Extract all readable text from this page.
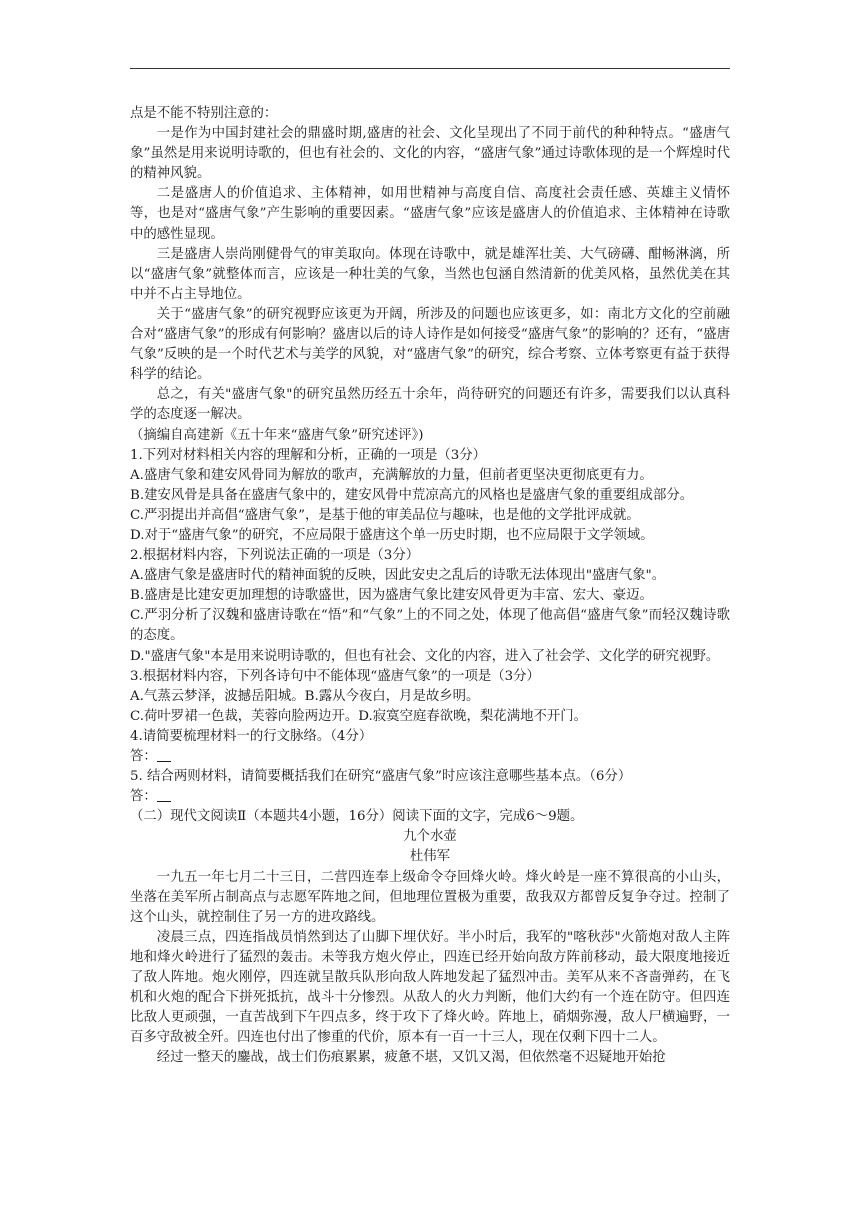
点是不能不特别注意的：

一是作为中国封建社会的鼎盛时期,盛唐的社会、文化呈现出了不同于前代的种种特点。“盛唐气象”虽然是用来说明诗歌的，但也有社会的、文化的内容，“盛唐气象”通过诗歌体现的是一个辉煌时代的精神风貌。

二是盛唐人的价值追求、主体精神，如用世精神与高度自信、高度社会责任感、英雄主义情怀等，也是对“盛唐气象”产生影响的重要因素。“盛唐气象”应该是盛唐人的价值追求、主体精神在诗歌中的感性显现。

三是盛唐人崇尚刚健骨气的审美取向。体现在诗歌中，就是雄浑壮美、大气磅礴、酣畅淋漓，所以“盛唐气象”就整体而言，应该是一种壮美的气象，当然也包涵自然清新的优美风格，虽然优美在其中并不占主导地位。

关于“盛唐气象”的研究视野应该更为开阔，所涉及的问题也应该更多，如：南北方文化的空前融合对“盛唐气象”的形成有何影响？盛唐以后的诗人诗作是如何接受“盛唐气象”的影响的？还有，“盛唐气象”反映的是一个时代艺术与美学的风貌，对“盛唐气象”的研究，综合考察、立体考察更有益于获得科学的结论。

总之，有关"盛唐气象"的研究虽然历经五十余年，尚待研究的问题还有许多，需要我们以认真科学的态度逐一解决。

（摘编自高建新《五十年来“盛唐气象”研究述评》)

1.下列对材料相关内容的理解和分析，正确的一项是（3分）

A.盛唐气象和建安风骨同为解放的歌声，充满解放的力量，但前者更坚决更彻底更有力。

B.建安风骨是具备在盛唐气象中的，建安风骨中荒凉高亢的风格也是盛唐气象的重要组成部分。

C.严羽提出并高倡“盛唐气象”，是基于他的审美品位与趣味，也是他的文学批评成就。

D.对于“盛唐气象”的研究，不应局限于盛唐这个单一历史时期，也不应局限于文学领域。

2.根据材料内容，下列说法正确的一项是（3分）

A.盛唐气象是盛唐时代的精神面貌的反映，因此安史之乱后的诗歌无法体现出"盛唐气象"。

B.盛唐是比建安更加理想的诗歌盛世，因为盛唐气象比建安风骨更为丰富、宏大、豪迈。

C.严羽分析了汉魏和盛唐诗歌在“悟”和“气象”上的不同之处，体现了他高倡“盛唐气象”而轻汉魏诗歌的态度。

D."盛唐气象"本是用来说明诗歌的，但也有社会、文化的内容，进入了社会学、文化学的研究视野。

3.根据材料内容，下列各诗句中不能体现“盛唐气象”的一项是（3分）

A.气蒸云梦泽，波撼岳阳城。B.露从今夜白，月是故乡明。

C.荷叶罗裙一色裁，芙蓉向脸两边开。D.寂寞空庭春欲晚，梨花满地不开门。

4.请简要梳理材料一的行文脉络。（4分）

答：

5. 结合两则材料，请简要概括我们在研究“盛唐气象”时应该注意哪些基本点。（6分）

答：

（二）现代文阅读Ⅱ（本题共4小题，16分）阅读下面的文字，完成6～9题。

九个水壶

杜伟军

一九五一年七月二十三日，二营四连奉上级命令夺回烽火岭。烽火岭是一座不算很高的小山头，坐落在美军所占制高点与志愿军阵地之间，但地理位置极为重要，敌我双方都曾反复争夺过。控制了这个山头，就控制住了另一方的进攻路线。

凌晨三点，四连指战员悄然到达了山脚下埋伏好。半小时后，我军的"喀秋莎"火箭炮对敌人主阵地和烽火岭进行了猛烈的轰击。未等我方炮火停止，四连已经开始向敌方阵前移动，最大限度地接近了敌人阵地。炮火刚停，四连就呈散兵队形向敌人阵地发起了猛烈冲击。美军从来不吝啬弹药，在飞机和火炮的配合下拼死抵抗，战斗十分惨烈。从敌人的火力判断，他们大约有一个连在防守。但四连比敌人更顽强，一直苦战到下午四点多，终于攻下了烽火岭。阵地上，硝烟弥漫，敌人尸横遍野，一百多守敌被全歼。四连也付出了惨重的代价，原本有一百一十三人，现在仅剩下四十二人。

经过一整天的鏖战，战士们伤痕累累，疲惫不堪，又饥又渴，但依然毫不迟疑地开始抢
